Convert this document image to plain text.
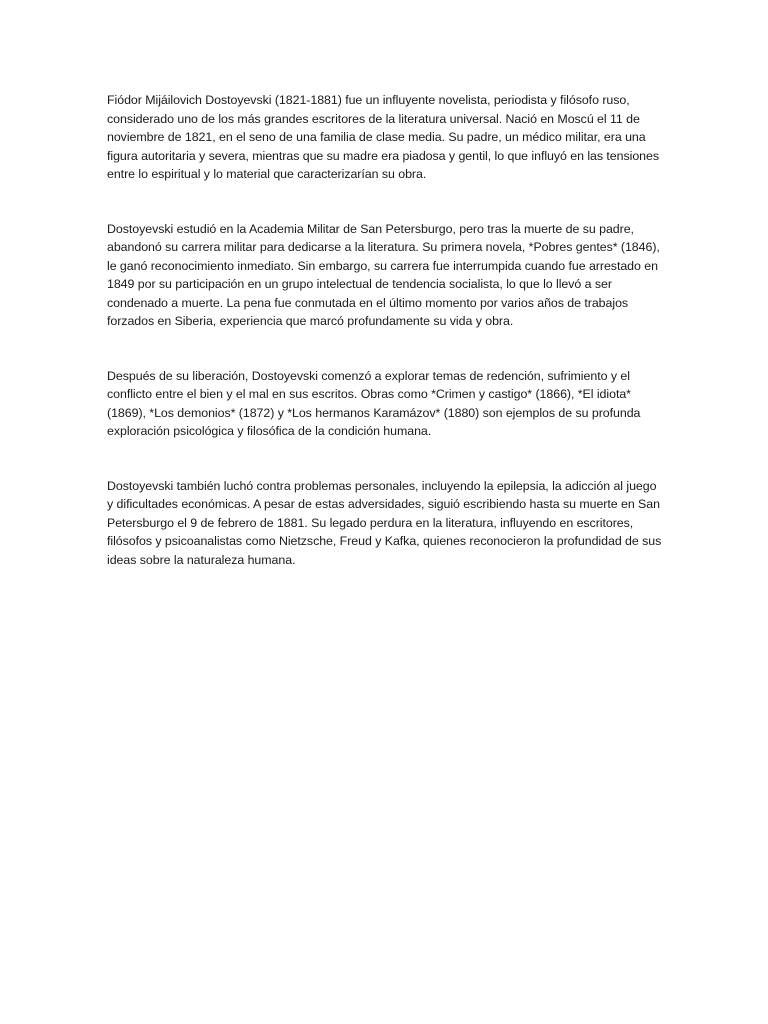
Fiódor Mijáilovich Dostoyevski (1821-1881) fue un influyente novelista, periodista y filósofo ruso, considerado uno de los más grandes escritores de la literatura universal. Nació en Moscú el 11 de noviembre de 1821, en el seno de una familia de clase media. Su padre, un médico militar, era una figura autoritaria y severa, mientras que su madre era piadosa y gentil, lo que influyó en las tensiones entre lo espiritual y lo material que caracterizarían su obra.

Dostoyevski estudió en la Academia Militar de San Petersburgo, pero tras la muerte de su padre, abandonó su carrera militar para dedicarse a la literatura. Su primera novela, *Pobres gentes* (1846), le ganó reconocimiento inmediato. Sin embargo, su carrera fue interrumpida cuando fue arrestado en 1849 por su participación en un grupo intelectual de tendencia socialista, lo que lo llevó a ser condenado a muerte. La pena fue conmutada en el último momento por varios años de trabajos forzados en Siberia, experiencia que marcó profundamente su vida y obra.

Después de su liberación, Dostoyevski comenzó a explorar temas de redención, sufrimiento y el conflicto entre el bien y el mal en sus escritos. Obras como *Crimen y castigo* (1866), *El idiota* (1869), *Los demonios* (1872) y *Los hermanos Karamázov* (1880) son ejemplos de su profunda exploración psicológica y filosófica de la condición humana.

Dostoyevski también luchó contra problemas personales, incluyendo la epilepsia, la adicción al juego y dificultades económicas. A pesar de estas adversidades, siguió escribiendo hasta su muerte en San Petersburgo el 9 de febrero de 1881. Su legado perdura en la literatura, influyendo en escritores, filósofos y psicoanalistas como Nietzsche, Freud y Kafka, quienes reconocieron la profundidad de sus ideas sobre la naturaleza humana.
